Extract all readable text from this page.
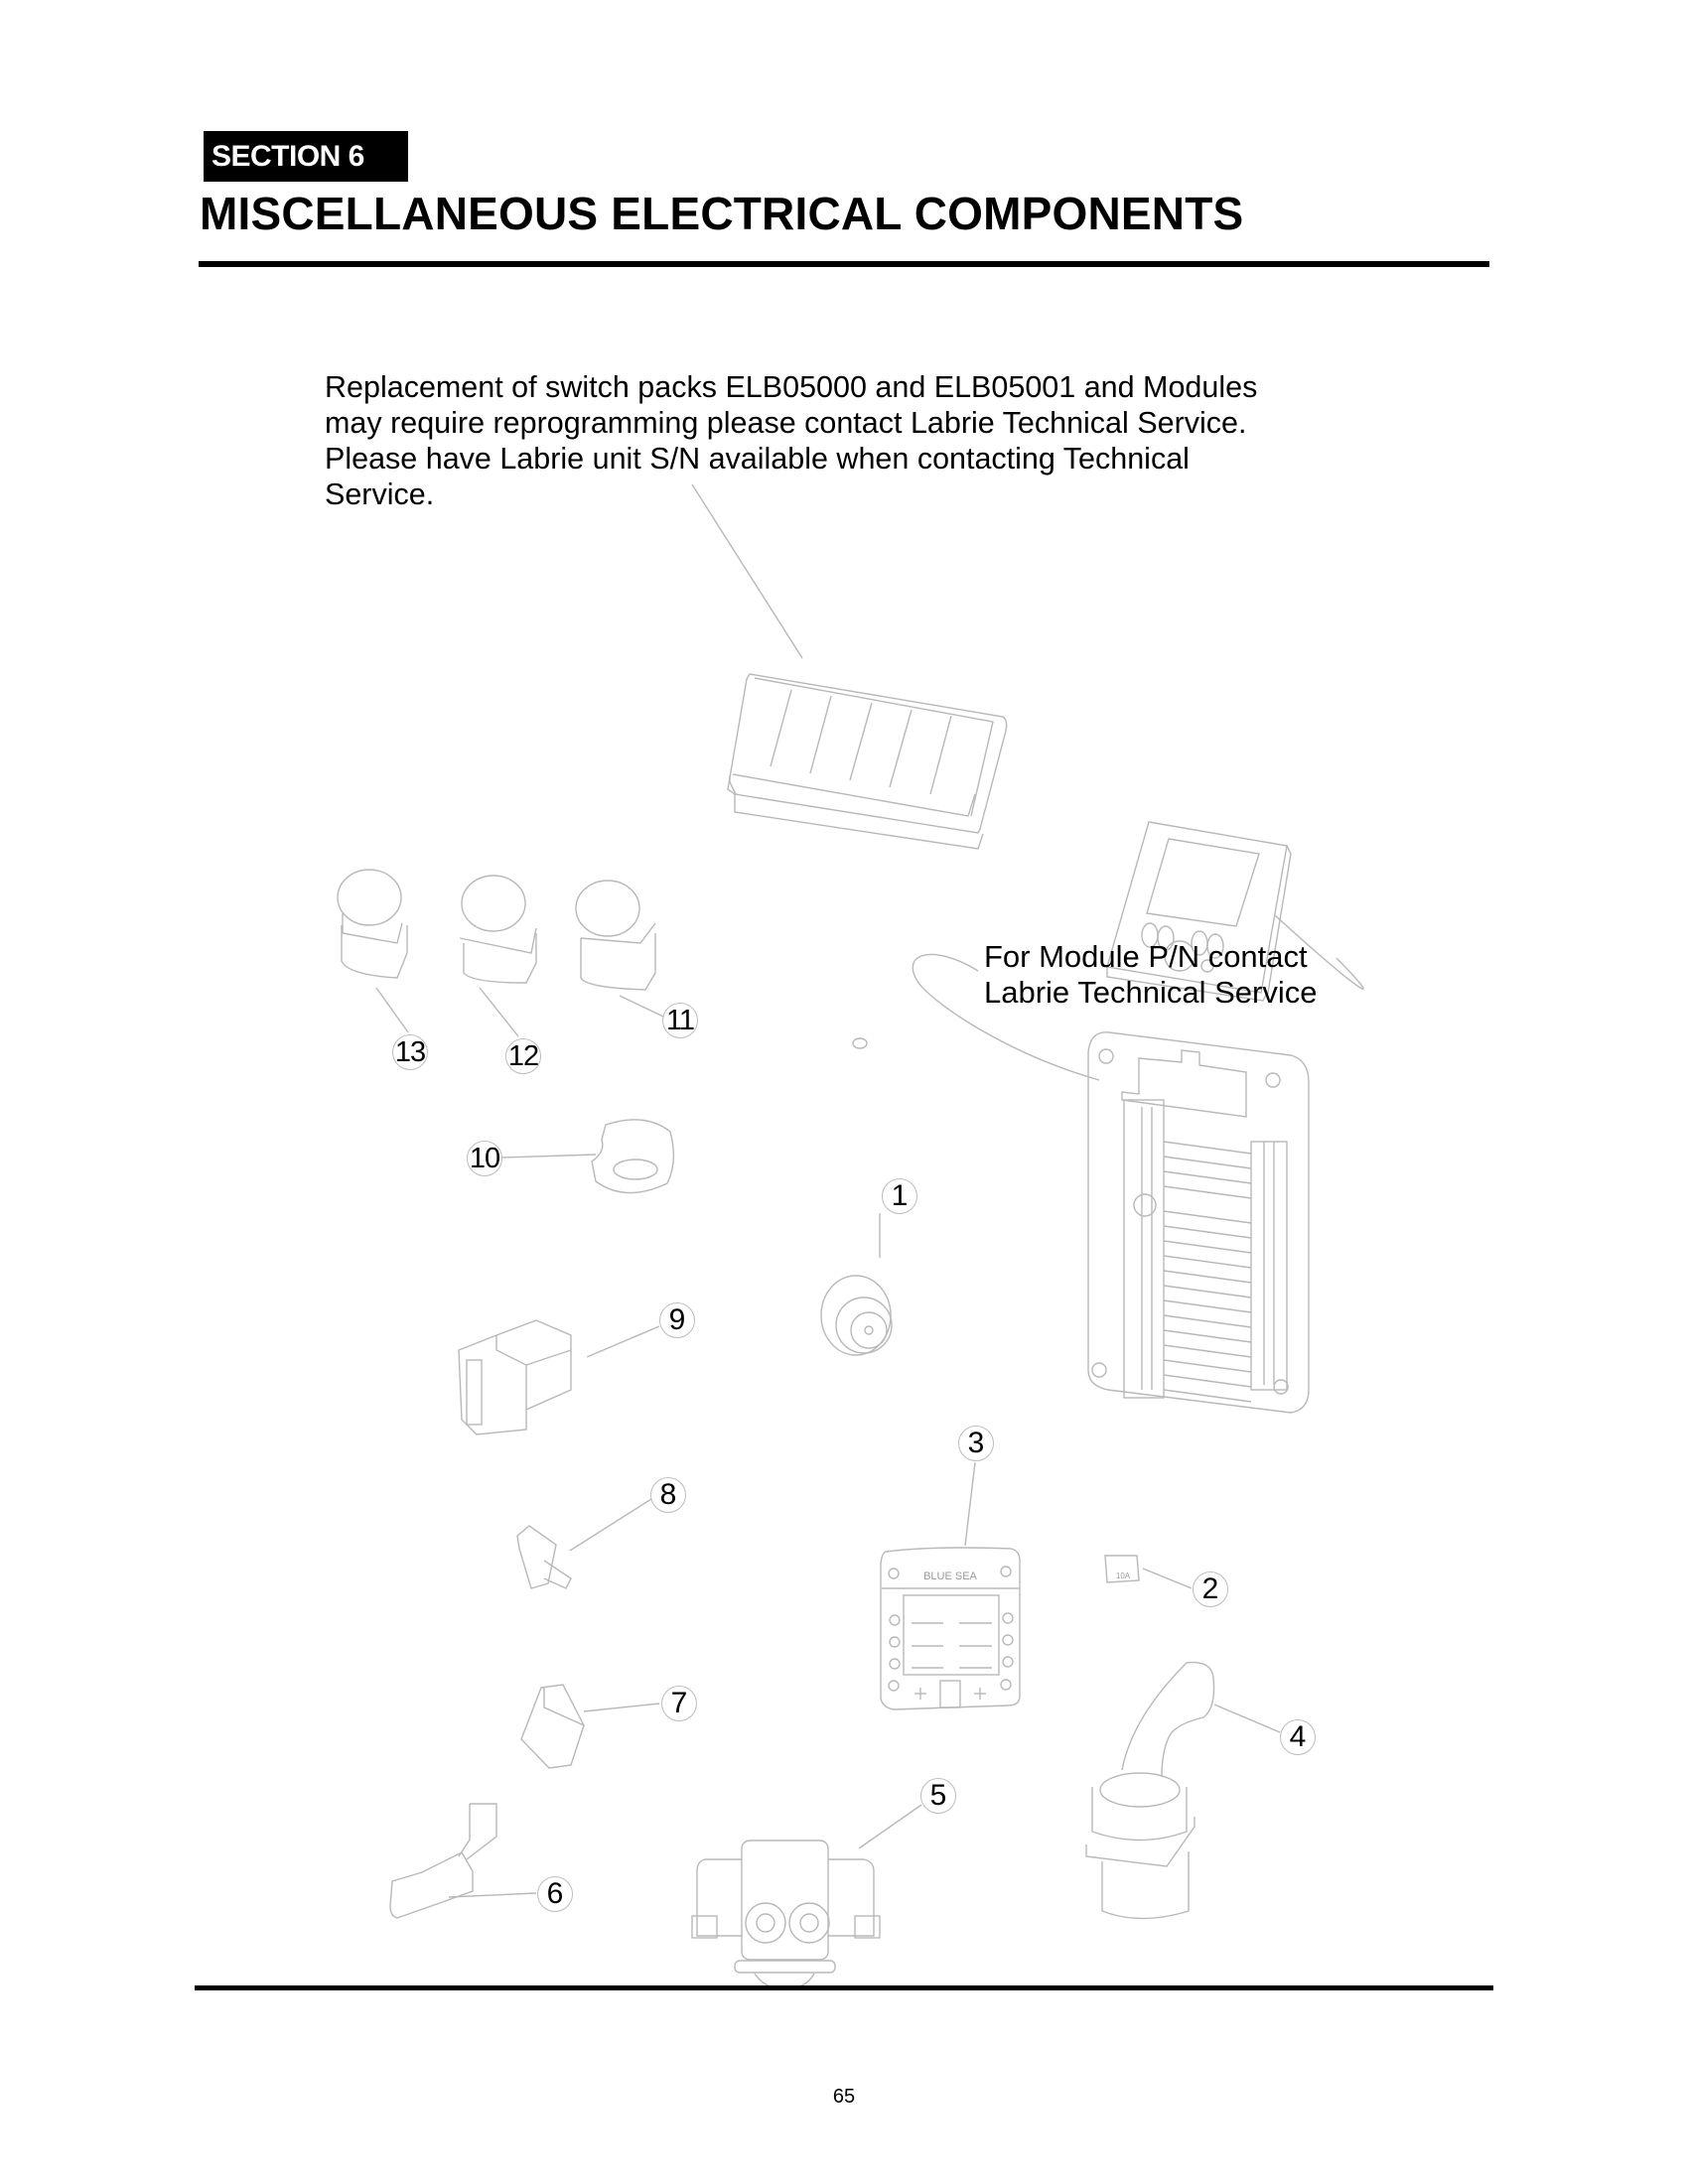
SECTION 6
MISCELLANEOUS ELECTRICAL COMPONENTS
Replacement of switch packs ELB05000 and ELB05001 and Modules
may require reprogramming please contact Labrie Technical Service.
Please have Labrie unit S/N available when contacting Technical
Service.
BLUE SEA	10A
For Module P/N contact
Labrie Technical Service
1
2
3
4
5
6
7
8
9
10
11
12
13
65
